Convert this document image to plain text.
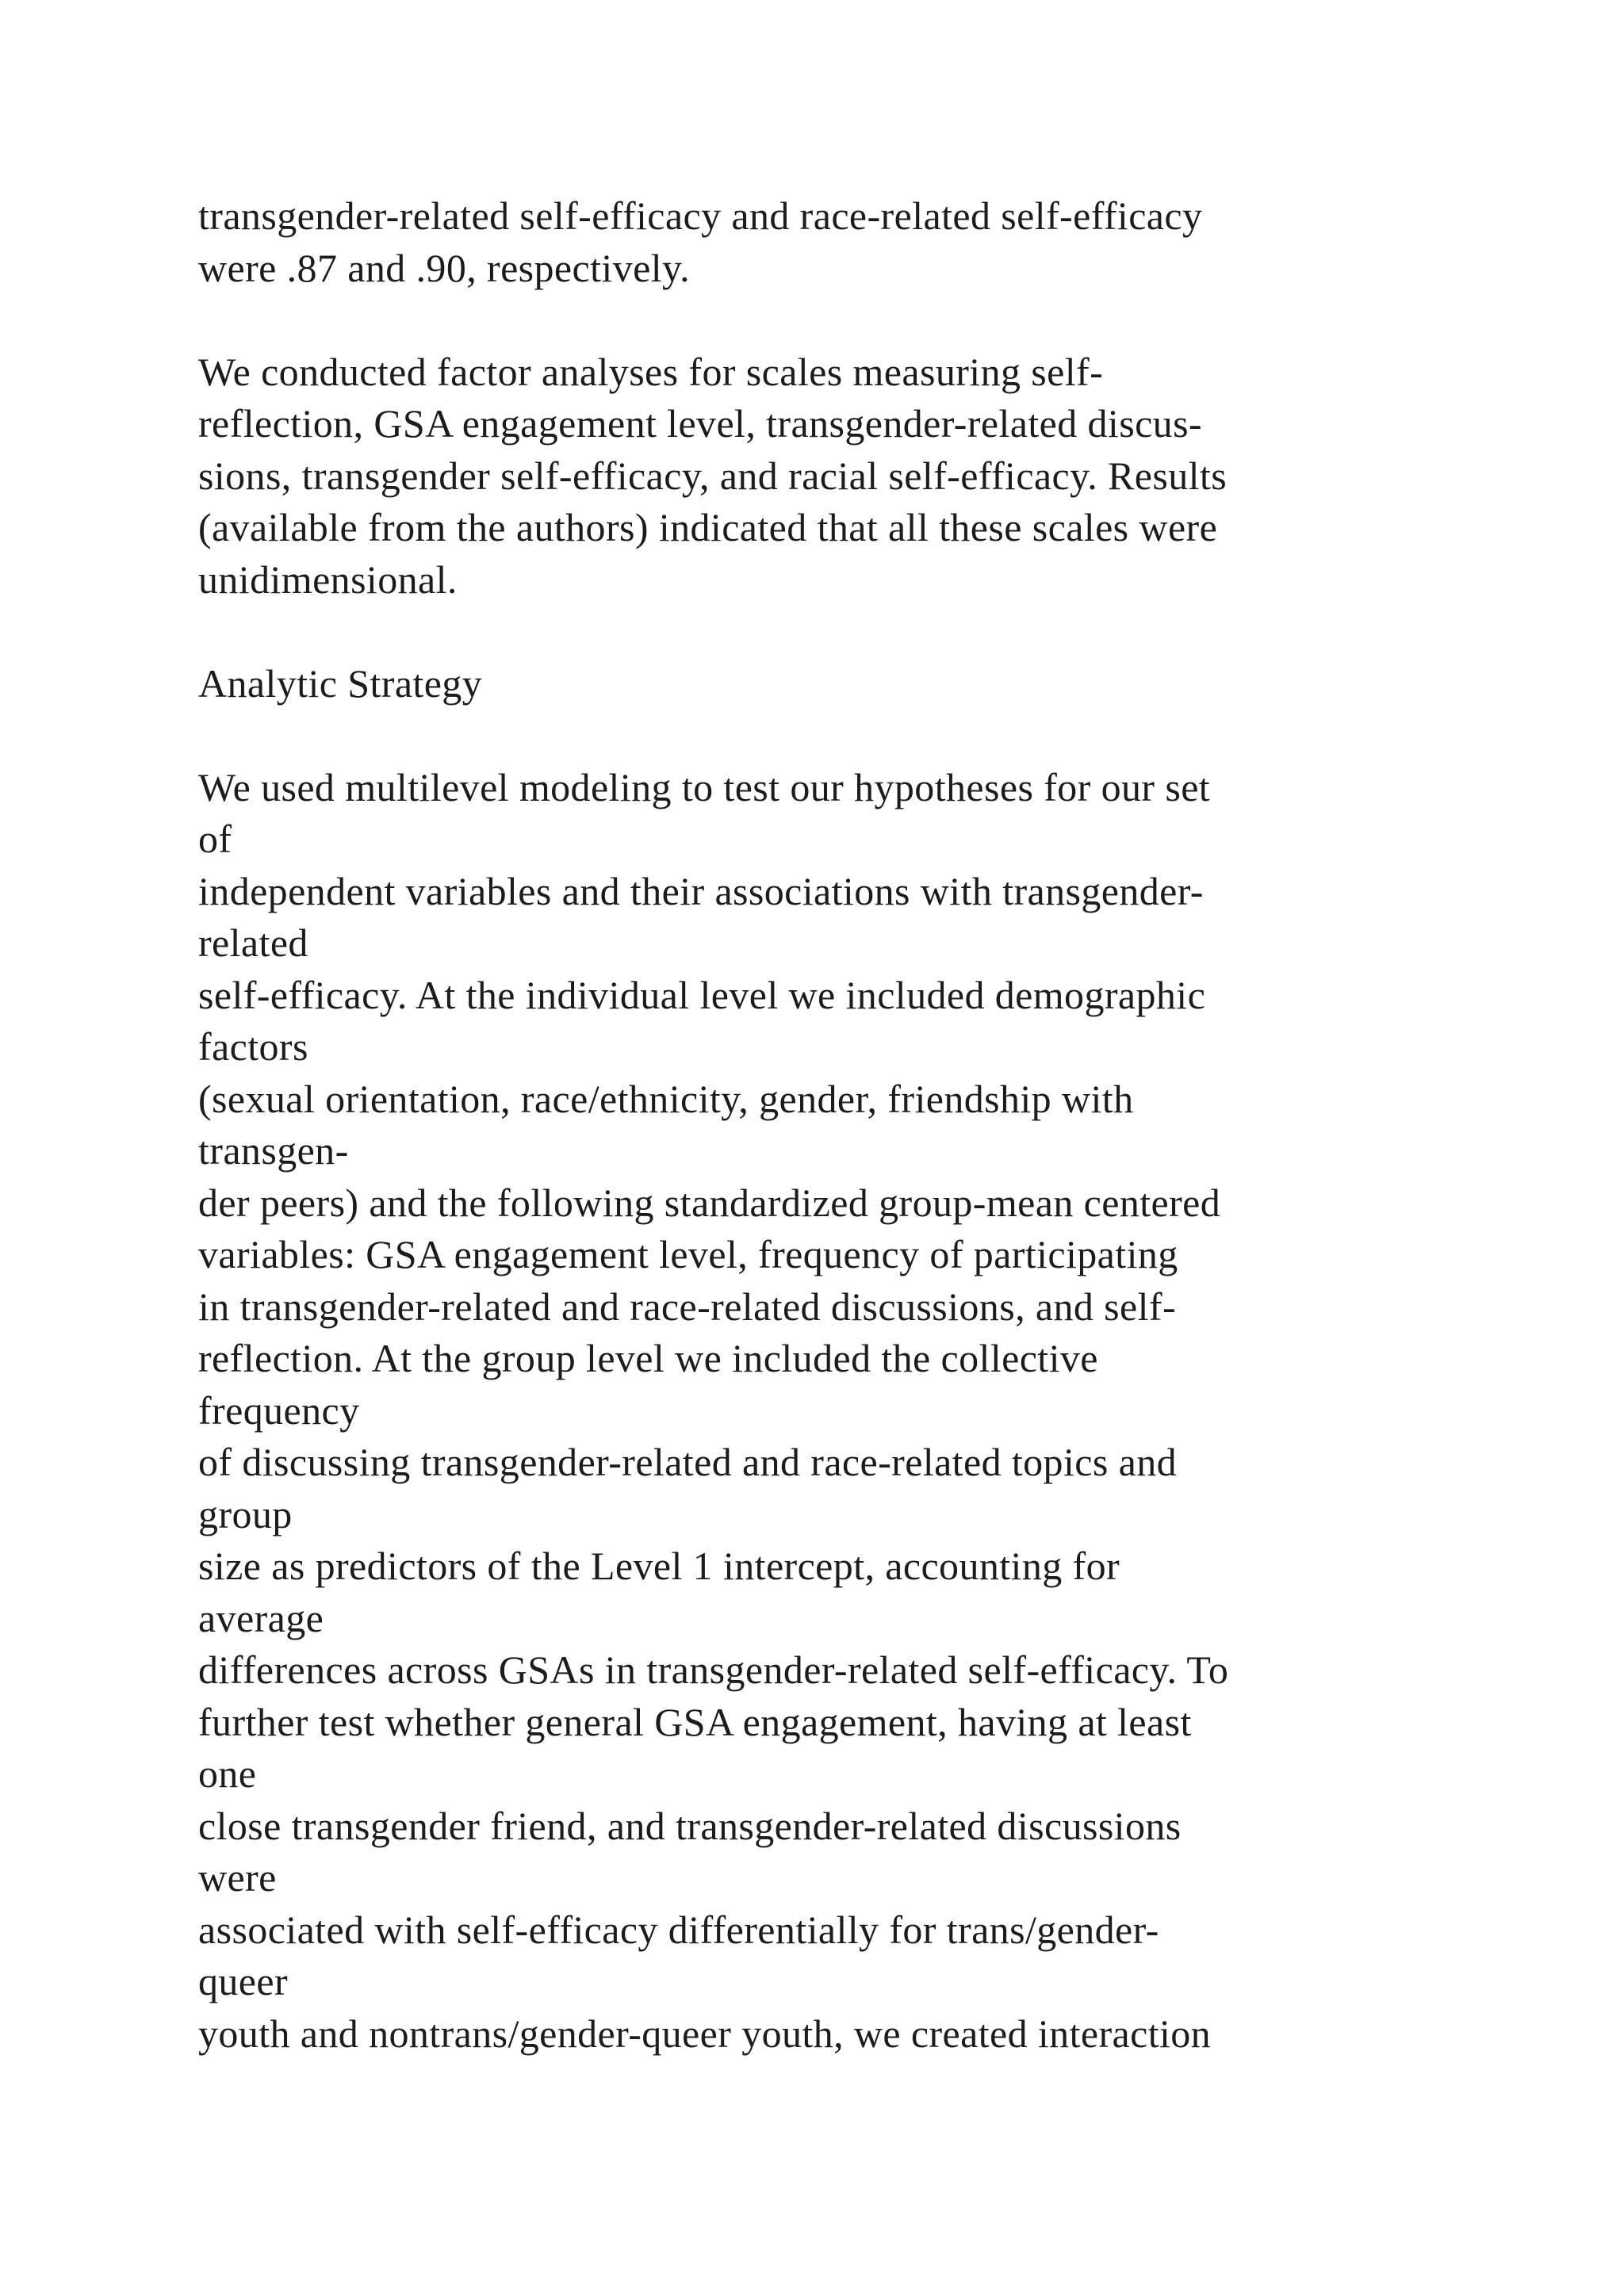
transgender-related self-efficacy and race-related self-efficacy
were .87 and .90, respectively.
We conducted factor analyses for scales measuring self-
reflection, GSA engagement level, transgender-related discus-
sions, transgender self-efficacy, and racial self-efficacy. Results
(available from the authors) indicated that all these scales were
unidimensional.
Analytic Strategy
We used multilevel modeling to test our hypotheses for our set
of
independent variables and their associations with transgender-
related
self-efficacy. At the individual level we included demographic
factors
(sexual orientation, race/ethnicity, gender, friendship with
transgen-
der peers) and the following standardized group-mean centered
variables: GSA engagement level, frequency of participating
in transgender-related and race-related discussions, and self-
reflection. At the group level we included the collective
frequency
of discussing transgender-related and race-related topics and
group
size as predictors of the Level 1 intercept, accounting for
average
differences across GSAs in transgender-related self-efficacy. To
further test whether general GSA engagement, having at least
one
close transgender friend, and transgender-related discussions
were
associated with self-efficacy differentially for trans/gender-
queer
youth and nontrans/gender-queer youth, we created interaction
